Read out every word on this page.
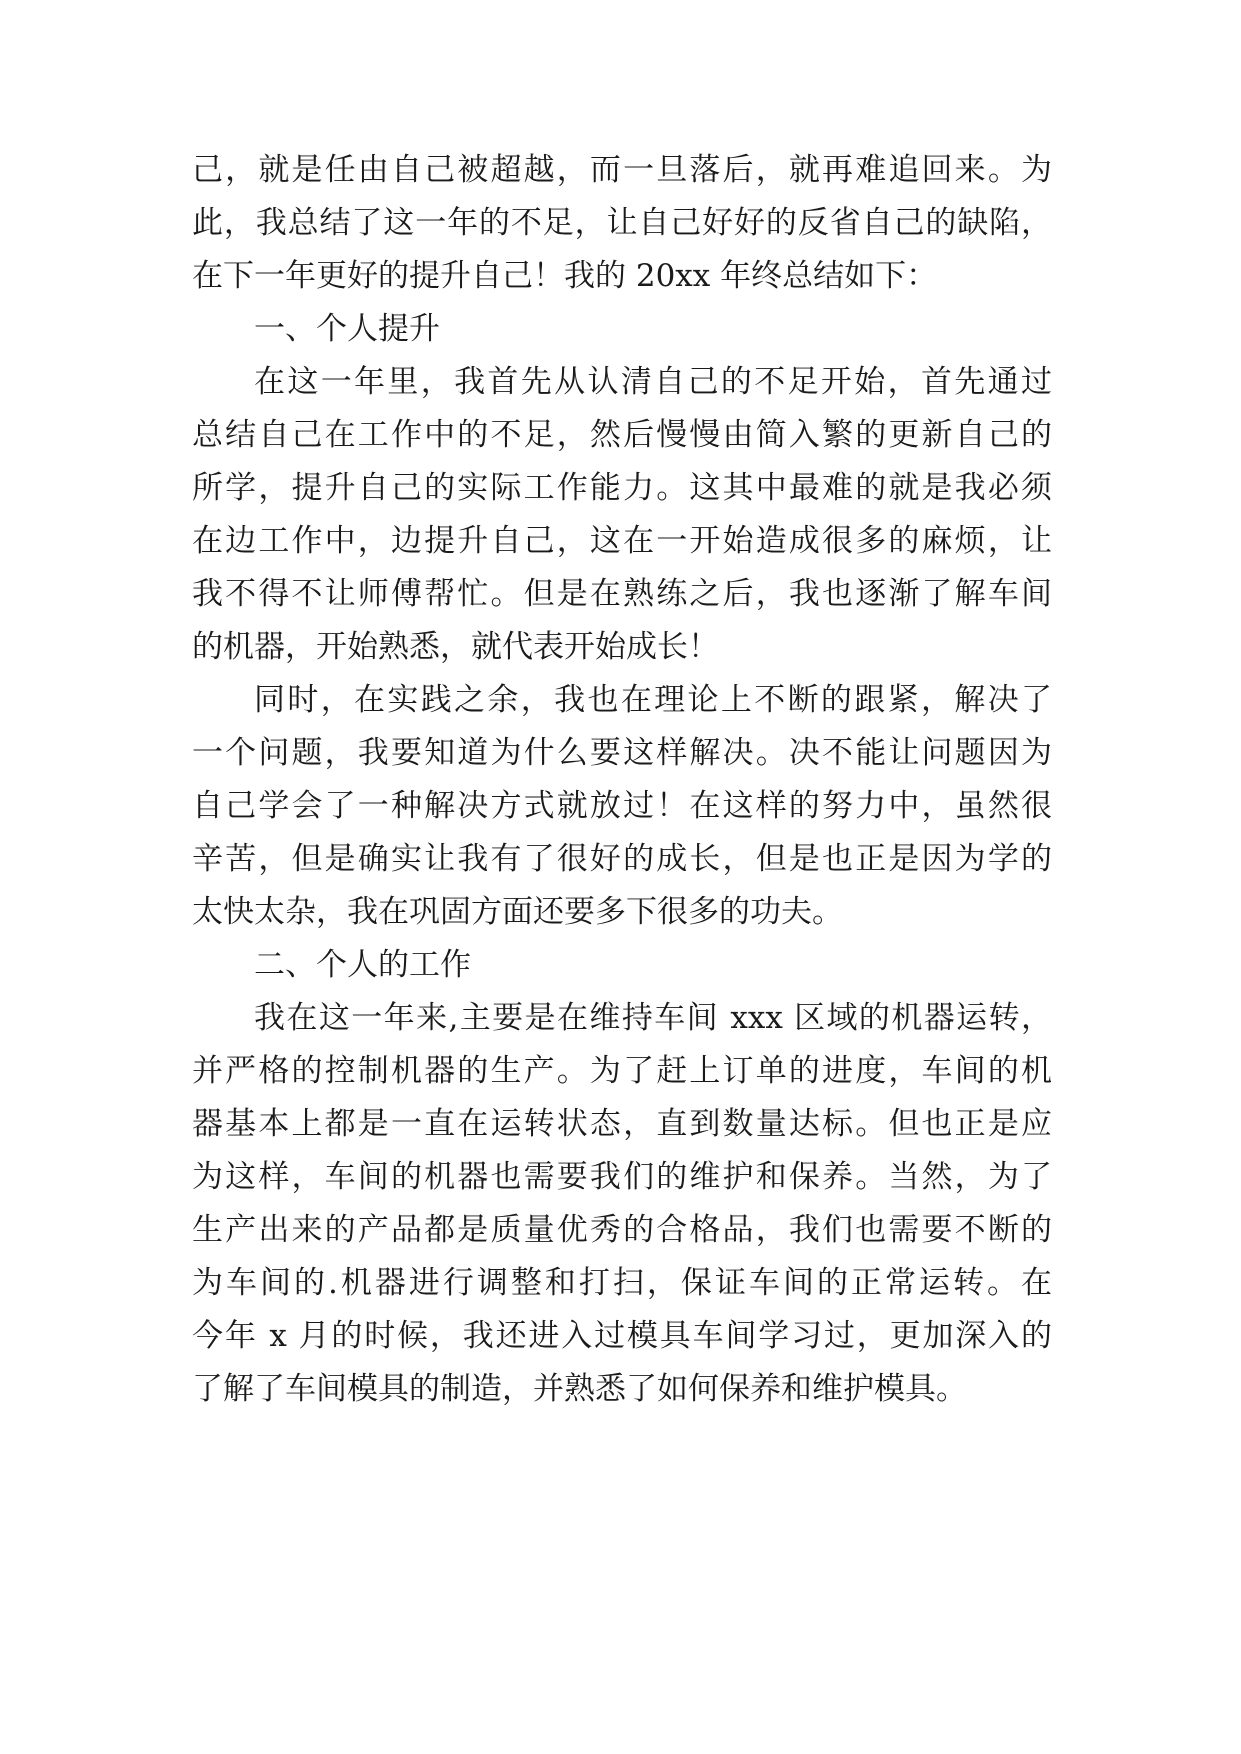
己，就是任由自己被超越，而一旦落后，就再难追回来。为
此，我总结了这一年的不足，让自己好好的反省自己的缺陷，
在下一年更好的提升自己！我的 20xx 年终总结如下：
一、个人提升
在这一年里，我首先从认清自己的不足开始，首先通过
总结自己在工作中的不足，然后慢慢由简入繁的更新自己的
所学，提升自己的实际工作能力。这其中最难的就是我必须
在边工作中，边提升自己，这在一开始造成很多的麻烦，让
我不得不让师傅帮忙。但是在熟练之后，我也逐渐了解车间
的机器，开始熟悉，就代表开始成长！
同时，在实践之余，我也在理论上不断的跟紧，解决了
一个问题，我要知道为什么要这样解决。决不能让问题因为
自己学会了一种解决方式就放过！在这样的努力中，虽然很
辛苦，但是确实让我有了很好的成长，但是也正是因为学的
太快太杂，我在巩固方面还要多下很多的功夫。
二、个人的工作
我在这一年来,主要是在维持车间 xxx 区域的机器运转，
并严格的控制机器的生产。为了赶上订单的进度，车间的机
器基本上都是一直在运转状态，直到数量达标。但也正是应
为这样，车间的机器也需要我们的维护和保养。当然，为了
生产出来的产品都是质量优秀的合格品，我们也需要不断的
为车间的.机器进行调整和打扫，保证车间的正常运转。在
今年 x 月的时候，我还进入过模具车间学习过，更加深入的
了解了车间模具的制造，并熟悉了如何保养和维护模具。
